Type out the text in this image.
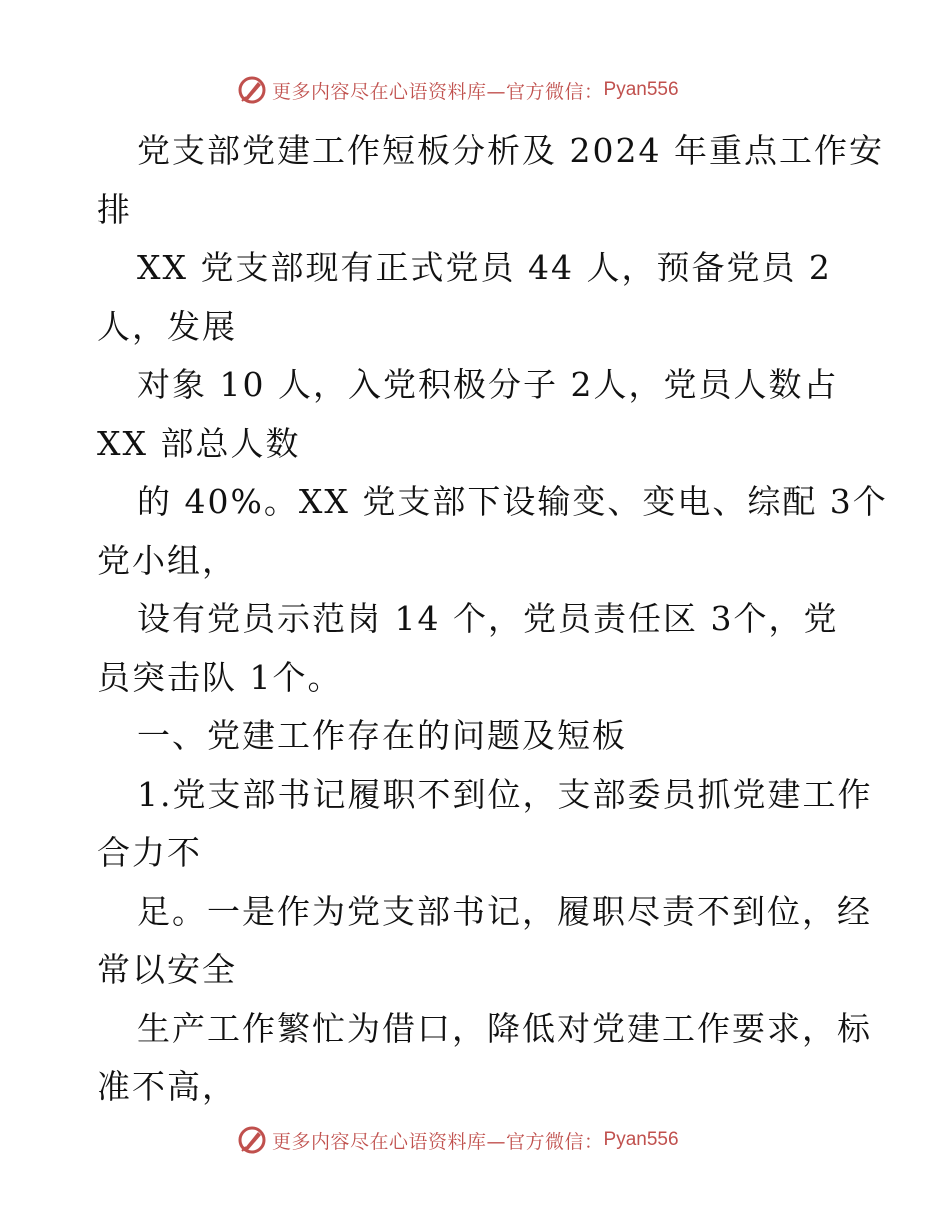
更多内容尽在心语资料库—官方微信： Pyan556
党支部党建工作短板分析及 2024 年重点工作安
排
XX 党支部现有正式党员 44 人，预备党员 2
人，发展
对象 10 人，入党积极分子 2人，党员人数占
XX 部总人数
的 40%。XX 党支部下设输变、变电、综配 3个
党小组，
设有党员示范岗 14 个，党员责任区 3个，党
员突击队 1个。
一、党建工作存在的问题及短板
1.党支部书记履职不到位，支部委员抓党建工作
合力不
足。一是作为党支部书记，履职尽责不到位，经
常以安全
生产工作繁忙为借口，降低对党建工作要求，标
准不高，
更多内容尽在心语资料库—官方微信： Pyan556
